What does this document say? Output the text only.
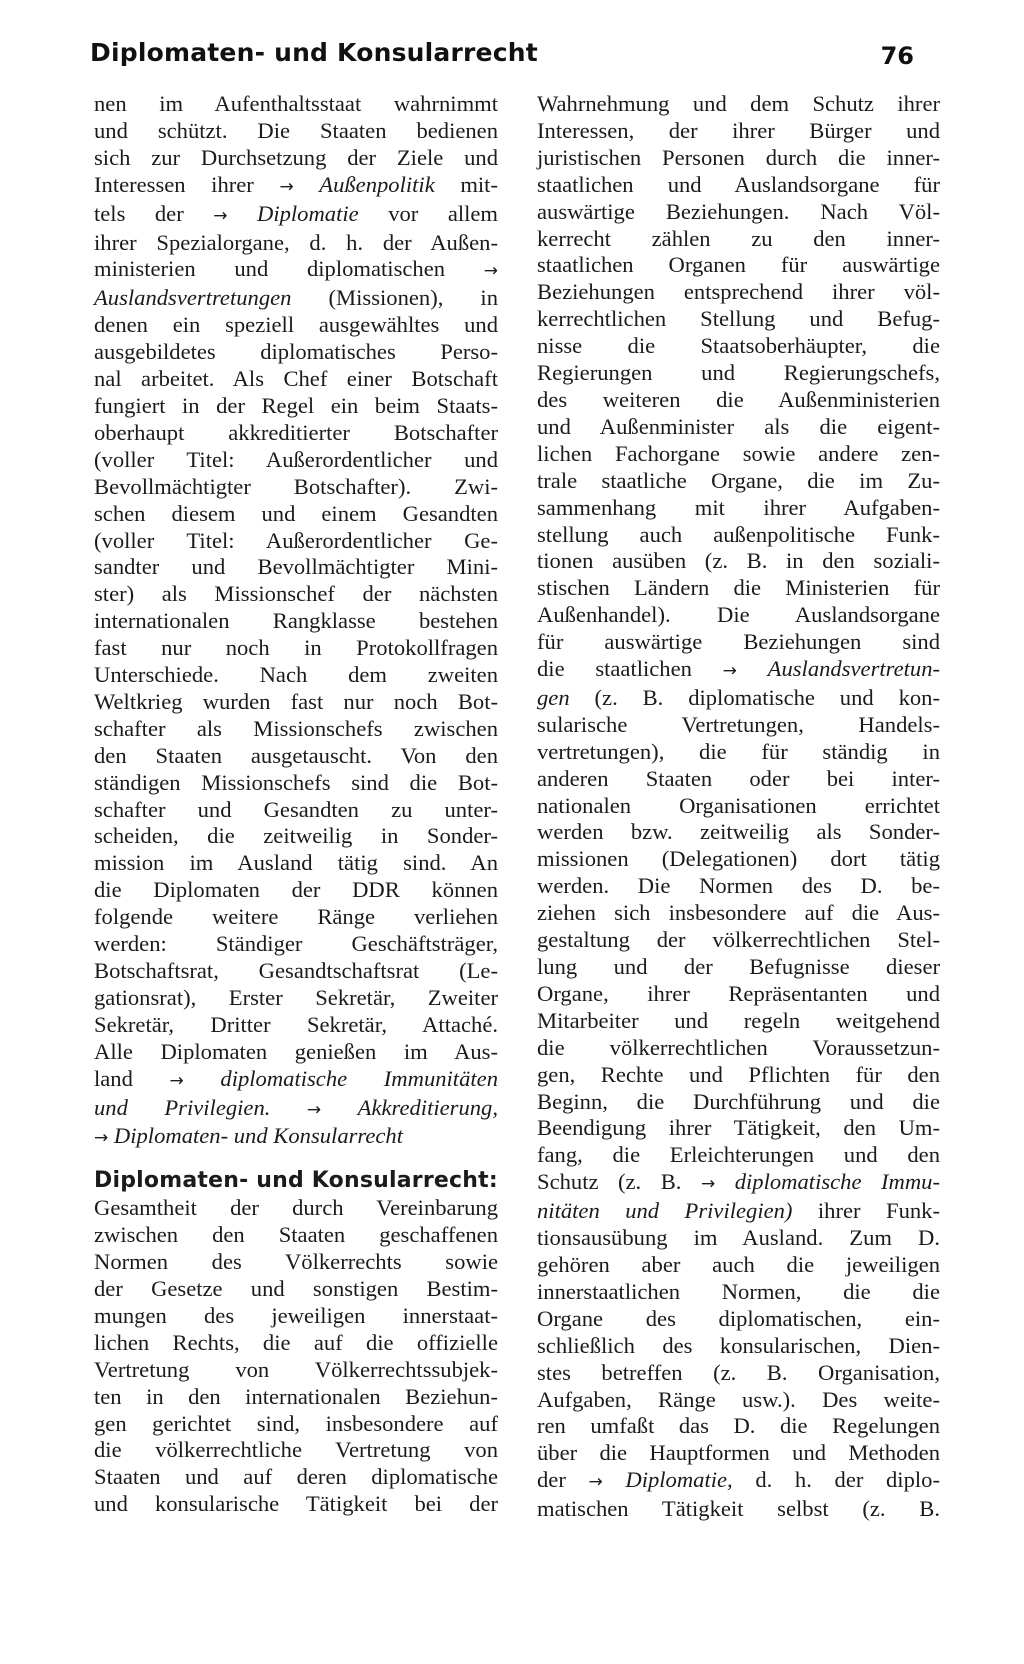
Diplomaten- und Konsularrecht	76
nen im Aufenthaltsstaat wahrnimmt
und schützt. Die Staaten bedienen
sich zur Durchsetzung der Ziele und
Interessen ihrer → Außenpolitik mit-
tels der → Diplomatie vor allem
ihrer Spezialorgane, d. h. der Außen-
ministerien und diplomatischen →
Auslandsvertretungen (Missionen), in
denen ein speziell ausgewähltes und
ausgebildetes diplomatisches Perso-
nal arbeitet. Als Chef einer Botschaft
fungiert in der Regel ein beim Staats-
oberhaupt akkreditierter Botschafter
(voller Titel: Außerordentlicher und
Bevollmächtigter Botschafter). Zwi-
schen diesem und einem Gesandten
(voller Titel: Außerordentlicher Ge-
sandter und Bevollmächtigter Mini-
ster) als Missionschef der nächsten
internationalen Rangklasse bestehen
fast nur noch in Protokollfragen
Unterschiede. Nach dem zweiten
Weltkrieg wurden fast nur noch Bot-
schafter als Missionschefs zwischen
den Staaten ausgetauscht. Von den
ständigen Missionschefs sind die Bot-
schafter und Gesandten zu unter-
scheiden, die zeitweilig in Sonder-
mission im Ausland tätig sind. An
die Diplomaten der DDR können
folgende weitere Ränge verliehen
werden: Ständiger Geschäftsträger,
Botschaftsrat, Gesandtschaftsrat (Le-
gationsrat), Erster Sekretär, Zweiter
Sekretär, Dritter Sekretär, Attaché.
Alle Diplomaten genießen im Aus-
land → diplomatische Immunitäten
und Privilegien. → Akkreditierung,
→ Diplomaten- und Konsularrecht
Diplomaten- und Konsularrecht:
Gesamtheit der durch Vereinbarung
zwischen den Staaten geschaffenen
Normen des Völkerrechts sowie
der Gesetze und sonstigen Bestim-
mungen des jeweiligen innerstaat-
lichen Rechts, die auf die offizielle
Vertretung von Völkerrechtssubjek-
ten in den internationalen Beziehun-
gen gerichtet sind, insbesondere auf
die völkerrechtliche Vertretung von
Staaten und auf deren diplomatische
und konsularische Tätigkeit bei der
Wahrnehmung und dem Schutz ihrer
Interessen, der ihrer Bürger und
juristischen Personen durch die inner-
staatlichen und Auslandsorgane für
auswärtige Beziehungen. Nach Völ-
kerrecht zählen zu den inner-
staatlichen Organen für auswärtige
Beziehungen entsprechend ihrer völ-
kerrechtlichen Stellung und Befug-
nisse die Staatsoberhäupter, die
Regierungen und Regierungschefs,
des weiteren die Außenministerien
und Außenminister als die eigent-
lichen Fachorgane sowie andere zen-
trale staatliche Organe, die im Zu-
sammenhang mit ihrer Aufgaben-
stellung auch außenpolitische Funk-
tionen ausüben (z. B. in den soziali-
stischen Ländern die Ministerien für
Außenhandel). Die Auslandsorgane
für auswärtige Beziehungen sind
die staatlichen → Auslandsvertretun-
gen (z. B. diplomatische und kon-
sularische Vertretungen, Handels-
vertretungen), die für ständig in
anderen Staaten oder bei inter-
nationalen Organisationen errichtet
werden bzw. zeitweilig als Sonder-
missionen (Delegationen) dort tätig
werden. Die Normen des D. be-
ziehen sich insbesondere auf die Aus-
gestaltung der völkerrechtlichen Stel-
lung und der Befugnisse dieser
Organe, ihrer Repräsentanten und
Mitarbeiter und regeln weitgehend
die völkerrechtlichen Voraussetzun-
gen, Rechte und Pflichten für den
Beginn, die Durchführung und die
Beendigung ihrer Tätigkeit, den Um-
fang, die Erleichterungen und den
Schutz (z. B. → diplomatische Immu-
nitäten und Privilegien) ihrer Funk-
tionsausübung im Ausland. Zum D.
gehören aber auch die jeweiligen
innerstaatlichen Normen, die die
Organe des diplomatischen, ein-
schließlich des konsularischen, Dien-
stes betreffen (z. B. Organisation,
Aufgaben, Ränge usw.). Des weite-
ren umfaßt das D. die Regelungen
über die Hauptformen und Methoden
der → Diplomatie, d. h. der diplo-
matischen Tätigkeit selbst (z. B.
